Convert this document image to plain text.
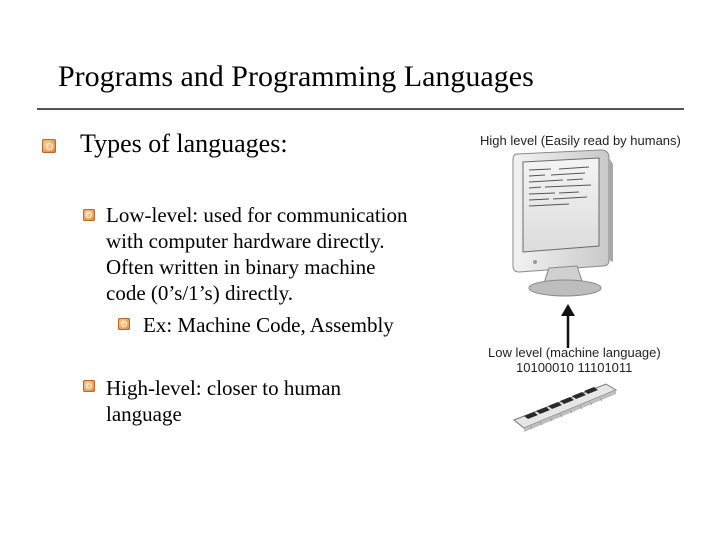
Programs and Programming Languages
Types of languages:
Low-level: used for communication
with computer hardware directly.
Often written in binary machine
code (0’s/1’s) directly.
Ex: Machine Code, Assembly
High-level: closer to human
language
High level (Easily read by humans)
Low level (machine language)
10100010 11101011
